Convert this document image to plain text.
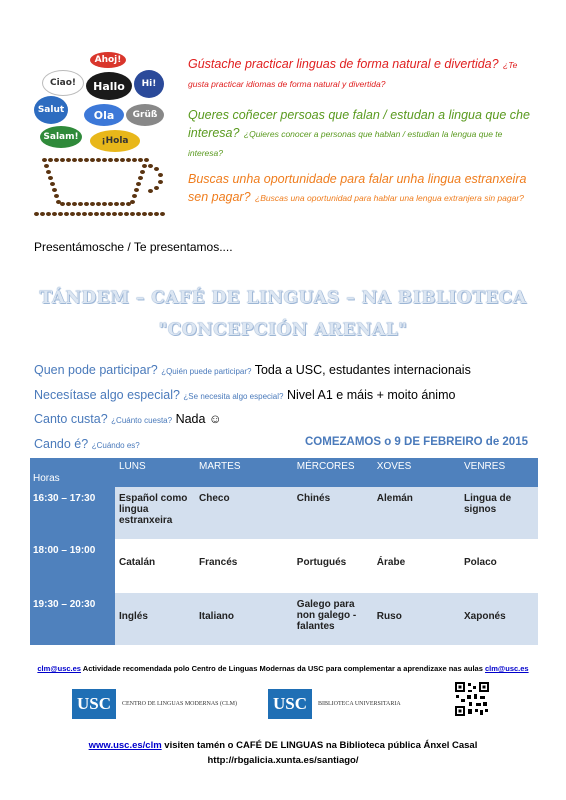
Ahoj!
Ciao!	Hallo	Hi!
Salut	Ola	Grüß
Salam!	¡Hola
Gústache practicar linguas de forma natural e divertida? ¿Te gusta practicar idiomas de forma natural y divertida?
Queres coñecer persoas que falan / estudan a lingua que che interesa? ¿Quieres conocer a personas que hablan / estudian la lengua que te interesa?
Buscas unha oportunidade para falar unha lingua estranxeira sen pagar? ¿Buscas una oportunidad para hablar una lengua extranjera sin pagar?
Presentámosche / Te presentamos....
TÁNDEM – CAFÉ DE LINGUAS – NA BIBLIOTECA
"CONCEPCIÓN ARENAL"
Quen pode participar? ¿Quién puede participar? Toda a USC, estudantes internacionais
Necesítase algo especial? ¿Se necesita algo especial? Nivel A1 e máis + moito ánimo
Canto custa? ¿Cuánto cuesta? Nada ☺
Cando é? ¿Cuándo es?	COMEZAMOS o 9 DE FEBREIRO de 2015
Horas	LUNS	MARTES	MÉRCORES	XOVES	VENRES
16:30 – 17:30	Español como lingua estranxeira	Checo	Chinés	Alemán	Lingua de signos
18:00 – 19:00	Catalán	Francés	Portugués	Árabe	Polaco
19:30 – 20:30	Inglés	Italiano	Galego para non galego - falantes	Ruso	Xaponés
clm@usc.es Actividade recomendada polo Centro de Linguas Modernas da USC para complementar a aprendizaxe nas aulas clm@usc.es
USC	CENTRO DE LINGUAS MODERNAS (CLM) USC	BIBLIOTECA UNIVERSITARIA
www.usc.es/clm visiten tamén o CAFÉ DE LINGUAS na Biblioteca pública Ánxel Casal
http://rbgalicia.xunta.es/santiago/
